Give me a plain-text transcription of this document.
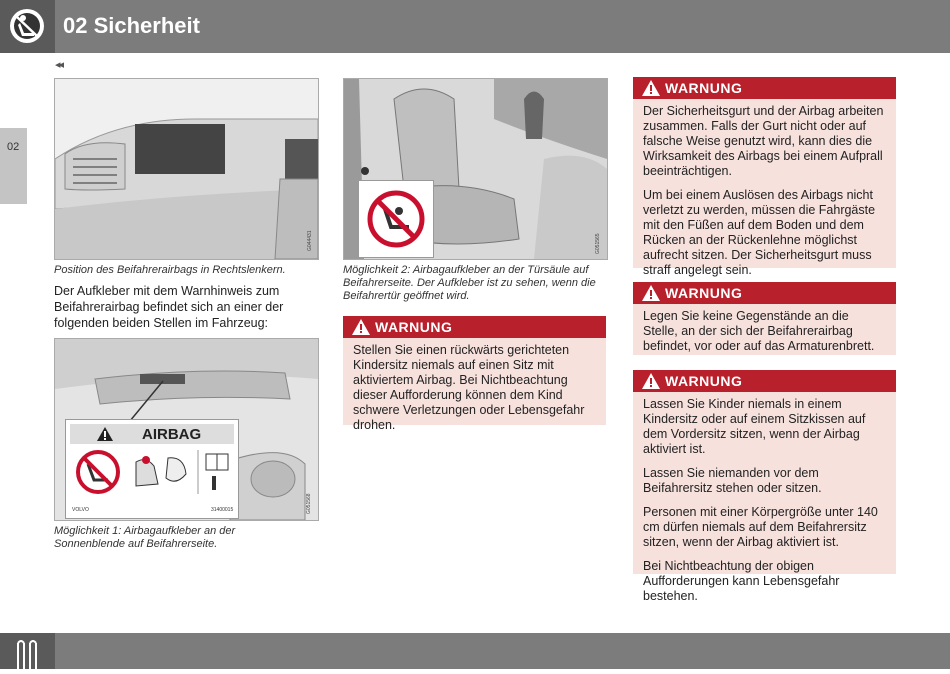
02 Sicherheit
◂◂
02
G044431
Position des Beifahrerairbags in Rechtslenkern.
Der Aufkleber mit dem Warnhinweis zum Beifahrerairbag befindet sich an einer der folgenden beiden Stellen im Fahrzeug:
AIRBAG
VOLVO	31400015	G051568
Möglichkeit 1: Airbagaufkleber an der Sonnenblende auf Beifahrerseite.
G051565
Möglichkeit 2: Airbagaufkleber an der Türsäule auf Beifahrerseite. Der Aufkleber ist zu sehen, wenn die Beifahrertür geöffnet wird.
WARNUNG

Stellen Sie einen rückwärts gerichteten Kindersitz niemals auf einen Sitz mit aktiviertem Airbag. Bei Nichtbeachtung dieser Aufforderung können dem Kind schwere Verletzungen oder Lebensgefahr drohen.

WARNUNG

Der Sicherheitsgurt und der Airbag arbeiten zusammen. Falls der Gurt nicht oder auf falsche Weise genutzt wird, kann dies die Wirksamkeit des Airbags bei einem Aufprall beeinträchtigen.

Um bei einem Auslösen des Airbags nicht verletzt zu werden, müssen die Fahrgäste mit den Füßen auf dem Boden und dem Rücken an der Rückenlehne möglichst aufrecht sitzen. Der Sicherheitsgurt muss straff angelegt sein.

WARNUNG

Legen Sie keine Gegenstände an die Stelle, an der sich der Beifahrerairbag befindet, vor oder auf das Armaturenbrett.

WARNUNG

Lassen Sie Kinder niemals in einem Kindersitz oder auf einem Sitzkissen auf dem Vordersitz sitzen, wenn der Airbag aktiviert ist.

Lassen Sie niemanden vor dem Beifahrersitz stehen oder sitzen.

Personen mit einer Körpergröße unter 140 cm dürfen niemals auf dem Beifahrersitz sitzen, wenn der Airbag aktiviert ist.

Bei Nichtbeachtung der obigen Aufforderungen kann Lebensgefahr bestehen.
